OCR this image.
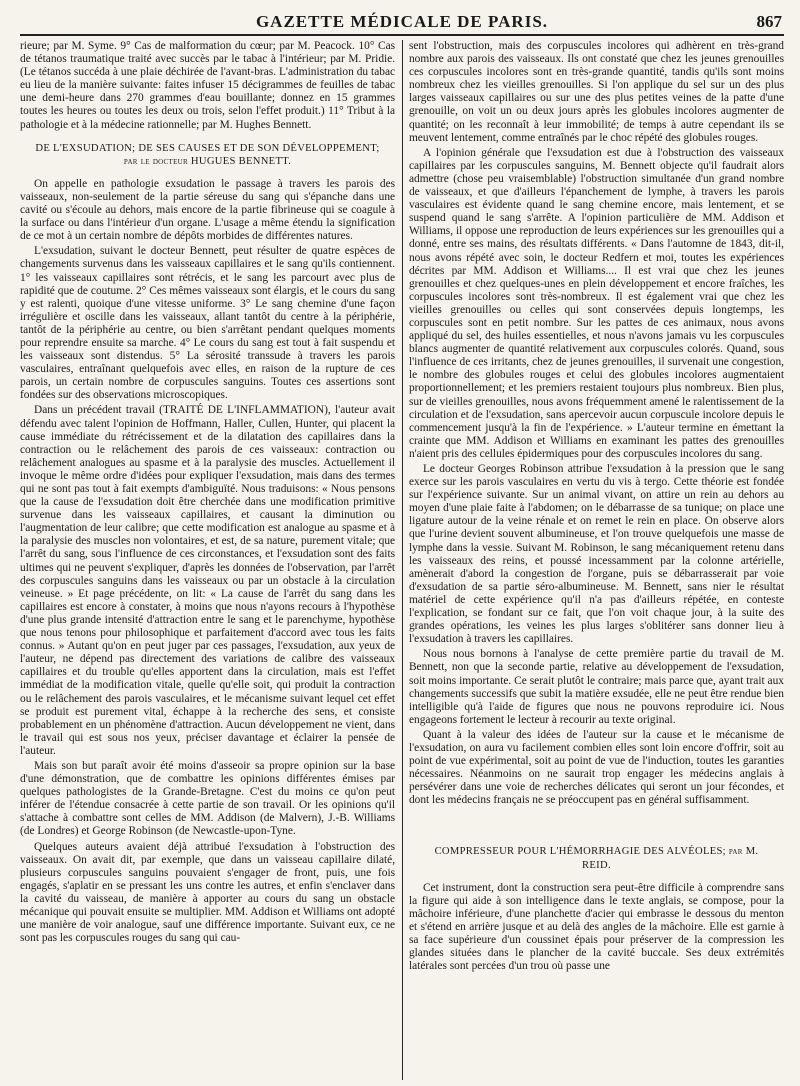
GAZETTE MÉDICALE DE PARIS.	867

rieure; par M. Syme. 9° Cas de malformation du cœur; par M. Peacock. 10° Cas de tétanos traumatique traité avec succès par le tabac à l'intérieur; par M. Pridie. (Le tétanos succéda à une plaie déchirée de l'avant-bras. L'administration du tabac eu lieu de la manière suivante: faites infuser 15 décigrammes de feuilles de tabac une demi-heure dans 270 grammes d'eau bouillante; donnez en 15 grammes toutes les heures ou toutes les deux ou trois, selon l'effet produit.) 11° Tribut à la pathologie et à la médecine rationnelle; par M. Hughes Bennett.

DE L'EXSUDATION; DE SES CAUSES ET DE SON DÉVELOPPEMENT; par le docteur HUGUES BENNETT.

On appelle en pathologie exsudation le passage à travers les parois des vaisseaux, non-seulement de la partie séreuse du sang qui s'épanche dans une cavité ou s'écoule au dehors, mais encore de la partie fibrineuse qui se coagule à la surface ou dans l'intérieur d'un organe. L'usage a même étendu la signification de ce mot à un certain nombre de dépôts morbides de différentes natures.

L'exsudation, suivant le docteur Bennett, peut résulter de quatre espèces de changements survenus dans les vaisseaux capillaires et le sang qu'ils contiennent. 1° les vaisseaux capillaires sont rétrécis, et le sang les parcourt avec plus de rapidité que de coutume. 2° Ces mêmes vaisseaux sont élargis, et le cours du sang y est ralenti, quoique d'une vitesse uniforme. 3° Le sang chemine d'une façon irrégulière et oscille dans les vaisseaux, allant tantôt du centre à la périphérie, tantôt de la périphérie au centre, ou bien s'arrêtant pendant quelques moments pour reprendre ensuite sa marche. 4° Le cours du sang est tout à fait suspendu et les vaisseaux sont distendus. 5° La sérosité transsude à travers les parois vasculaires, entraînant quelquefois avec elles, en raison de la rupture de ces parois, un certain nombre de corpuscules sanguins. Toutes ces assertions sont fondées sur des observations microscopiques.

Dans un précédent travail (TRAITÉ DE L'INFLAMMATION), l'auteur avait défendu avec talent l'opinion de Hoffmann, Haller, Cullen, Hunter, qui placent la cause immédiate du rétrécissement et de la dilatation des capillaires dans la contraction ou le relâchement des parois de ces vaisseaux: contraction ou relâchement analogues au spasme et à la paralysie des muscles. Actuellement il invoque le même ordre d'idées pour expliquer l'exsudation, mais dans des termes qui ne sont pas tout à fait exempts d'ambiguïté. Nous traduisons: « Nous pensons que la cause de l'exsudation doit être cherchée dans une modification primitive survenue dans les vaisseaux capillaires, et causant la diminution ou l'augmentation de leur calibre; que cette modification est analogue au spasme et à la paralysie des muscles non volontaires, et est, de sa nature, purement vitale; que l'arrêt du sang, sous l'influence de ces circonstances, et l'exsudation sont des faits ultimes qui ne peuvent s'expliquer, d'après les données de l'observation, par l'arrêt des corpuscules sanguins dans les vaisseaux ou par un obstacle à la circulation veineuse. » Et page précédente, on lit: « La cause de l'arrêt du sang dans les capillaires est encore à constater, à moins que nous n'ayons recours à l'hypothèse d'une plus grande intensité d'attraction entre le sang et le parenchyme, hypothèse que nous tenons pour philosophique et parfaitement d'accord avec tous les faits connus. » Autant qu'on en peut juger par ces passages, l'exsudation, aux yeux de l'auteur, ne dépend pas directement des variations de calibre des vaisseaux capillaires et du trouble qu'elles apportent dans la circulation, mais est l'effet immédiat de la modification vitale, quelle qu'elle soit, qui produit la contraction ou le relâchement des parois vasculaires, et le mécanisme suivant lequel cet effet se produit est purement vital, échappe à la recherche des sens, et consiste probablement en un phénomène d'attraction. Aucun développement ne vient, dans le travail qui est sous nos yeux, préciser davantage et éclairer la pensée de l'auteur.

Mais son but paraît avoir été moins d'asseoir sa propre opinion sur la base d'une démonstration, que de combattre les opinions différentes émises par quelques pathologistes de la Grande-Bretagne. C'est du moins ce qu'on peut inférer de l'étendue consacrée à cette partie de son travail. Or les opinions qu'il s'attache à combattre sont celles de MM. Addison (de Malvern), J.-B. Williams (de Londres) et George Robinson (de Newcastle-upon-Tyne.

Quelques auteurs avaient déjà attribué l'exsudation à l'obstruction des vaisseaux. On avait dit, par exemple, que dans un vaisseau capillaire dilaté, plusieurs corpuscules sanguins pouvaient s'engager de front, puis, une fois engagés, s'aplatir en se pressant les uns contre les autres, et enfin s'enclaver dans la cavité du vaisseau, de manière à apporter au cours du sang un obstacle mécanique qui pouvait ensuite se multiplier. MM. Addison et Williams ont adopté une manière de voir analogue, sauf une différence importante. Suivant eux, ce ne sont pas les corpuscules rouges du sang qui cau-

sent l'obstruction, mais des corpuscules incolores qui adhèrent en très-grand nombre aux parois des vaisseaux. Ils ont constaté que chez les jeunes grenouilles ces corpuscules incolores sont en très-grande quantité, tandis qu'ils sont moins nombreux chez les vieilles grenouilles. Si l'on applique du sel sur un des plus larges vaisseaux capillaires ou sur une des plus petites veines de la patte d'une grenouille, on voit un ou deux jours après les globules incolores augmenter de quantité; on les reconnaît à leur immobilité; de temps à autre cependant ils se meuvent lentement, comme entraînés par le choc répété des globules rouges.

A l'opinion générale que l'exsudation est due à l'obstruction des vaisseaux capillaires par les corpuscules sanguins, M. Bennett objecte qu'il faudrait alors admettre (chose peu vraisemblable) l'obstruction simultanée d'un grand nombre de vaisseaux, et que d'ailleurs l'épanchement de lymphe, à travers les parois vasculaires est évidente quand le sang chemine encore, mais lentement, et se suspend quand le sang s'arrête. A l'opinion particulière de MM. Addison et Williams, il oppose une reproduction de leurs expériences sur les grenouilles qui a donné, entre ses mains, des résultats différents. « Dans l'automne de 1843, dit-il, nous avons répété avec soin, le docteur Redfern et moi, toutes les expériences décrites par MM. Addison et Williams.... Il est vrai que chez les jeunes grenouilles et chez quelques-unes en plein développement et encore fraîches, les corpuscules incolores sont très-nombreux. Il est également vrai que chez les vieilles grenouilles ou celles qui sont conservées depuis longtemps, les corpuscules sont en petit nombre. Sur les pattes de ces animaux, nous avons appliqué du sel, des huiles essentielles, et nous n'avons jamais vu les corpuscules blancs augmenter de quantité relativement aux corpuscules colorés. Quand, sous l'influence de ces irritants, chez de jeunes grenouilles, il survenait une congestion, le nombre des globules rouges et celui des globules incolores augmentaient proportionnellement; et les premiers restaient toujours plus nombreux. Bien plus, sur de vieilles grenouilles, nous avons fréquemment amené le ralentissement de la circulation et de l'exsudation, sans apercevoir aucun corpuscule incolore depuis le commencement jusqu'à la fin de l'expérience. » L'auteur termine en émettant la crainte que MM. Addison et Williams en examinant les pattes des grenouilles n'aient pris des cellules épidermiques pour des corpuscules incolores du sang.

Le docteur Georges Robinson attribue l'exsudation à la pression que le sang exerce sur les parois vasculaires en vertu du vis à tergo. Cette théorie est fondée sur l'expérience suivante. Sur un animal vivant, on attire un rein au dehors au moyen d'une plaie faite à l'abdomen; on le débarrasse de sa tunique; on place une ligature autour de la veine rénale et on remet le rein en place. On observe alors que l'urine devient souvent albumineuse, et l'on trouve quelquefois une masse de lymphe dans la vessie. Suivant M. Robinson, le sang mécaniquement retenu dans les vaisseaux des reins, et poussé incessamment par la colonne artérielle, amènerait d'abord la congestion de l'organe, puis se débarrasserait par voie d'exsudation de sa partie séro-albumineuse. M. Bennett, sans nier le résultat matériel de cette expérience qu'il n'a pas d'ailleurs répétée, en conteste l'explication, se fondant sur ce fait, que l'on voit chaque jour, à la suite des grandes opérations, les veines les plus larges s'oblitérer sans donner lieu à l'exsudation à travers les capillaires.

Nous nous bornons à l'analyse de cette première partie du travail de M. Bennett, non que la seconde partie, relative au développement de l'exsudation, soit moins importante. Ce serait plutôt le contraire; mais parce que, ayant trait aux changements successifs que subit la matière exsudée, elle ne peut être rendue bien intelligible qu'à l'aide de figures que nous ne pouvons reproduire ici. Nous engageons fortement le lecteur à recourir au texte original.

Quant à la valeur des idées de l'auteur sur la cause et le mécanisme de l'exsudation, on aura vu facilement combien elles sont loin encore d'offrir, soit au point de vue expérimental, soit au point de vue de l'induction, toutes les garanties nécessaires. Néanmoins on ne saurait trop engager les médecins anglais à persévérer dans une voie de recherches délicates qui seront un jour fécondes, et dont les médecins français ne se préoccupent pas en général suffisamment.

COMPRESSEUR POUR L'HÉMORRHAGIE DES ALVÉOLES; par M. REID.

Cet instrument, dont la construction sera peut-être difficile à comprendre sans la figure qui aide à son intelligence dans le texte anglais, se compose, pour la mâchoire inférieure, d'une planchette d'acier qui embrasse le dessous du menton et s'étend en arrière jusque et au delà des angles de la mâchoire. Elle est garnie à sa face supérieure d'un coussinet épais pour préserver de la compression les glandes situées dans le plancher de la cavité buccale. Ses deux extrémités latérales sont percées d'un trou où passe une
